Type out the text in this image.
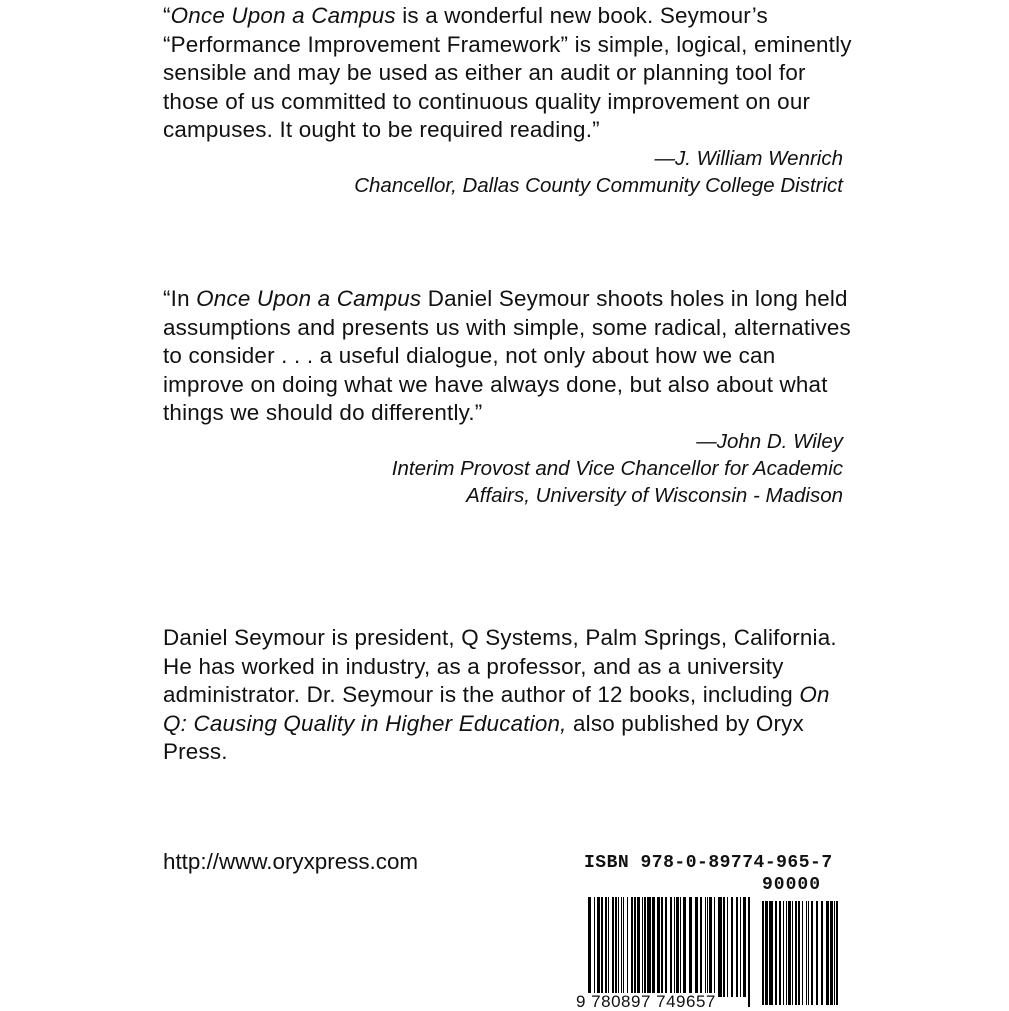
“Once Upon a Campus is a wonderful new book. Seymour’s “Performance Improvement Framework” is simple, logical, eminently sensible and may be used as either an audit or planning tool for those of us committed to continuous quality improvement on our campuses. It ought to be required reading.”

—J. William Wenrich

Chancellor, Dallas County Community College District

“In Once Upon a Campus Daniel Seymour shoots holes in long held assumptions and presents us with simple, some radical, alternatives to consider . . . a useful dialogue, not only about how we can improve on doing what we have always done, but also about what things we should do differently.”

—John D. Wiley

Interim Provost and Vice Chancellor for Academic

Affairs, University of Wisconsin - Madison

Daniel Seymour is president, Q Systems, Palm Springs, California. He has worked in industry, as a professor, and as a university administrator. Dr. Seymour is the author of 12 books, including On Q: Causing Quality in Higher Education, also published by Oryx Press.

http://www.oryxpress.com	ISBN 978-0-89774-965-7

90000

9 780897 749657
